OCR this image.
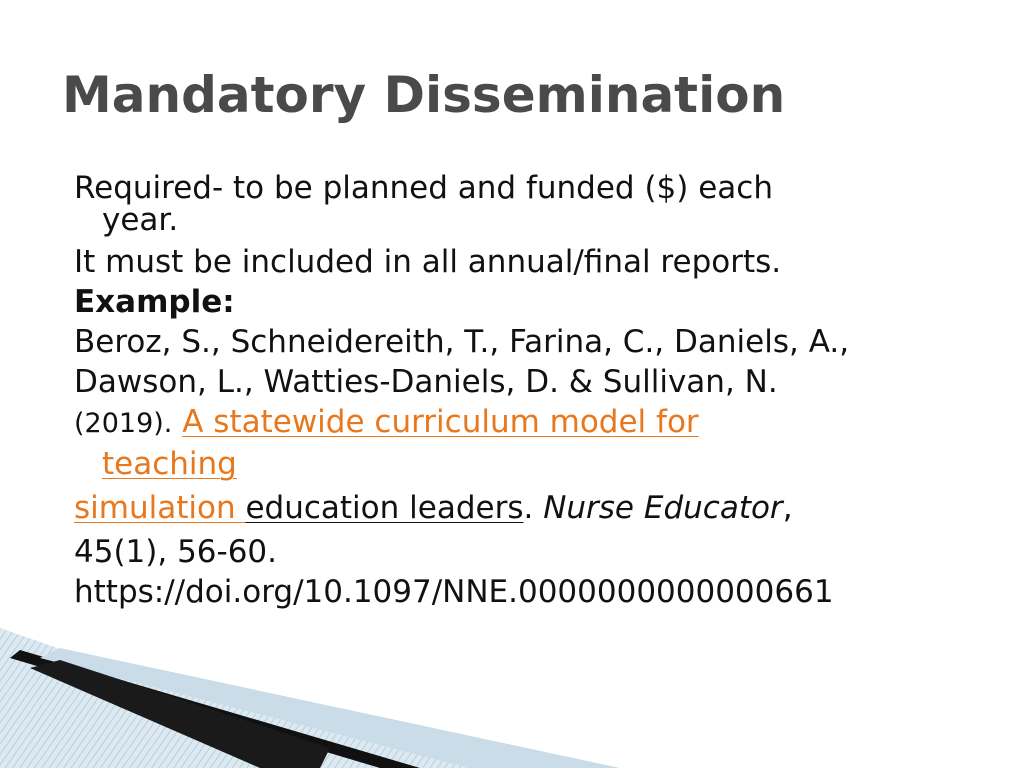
Mandatory Dissemination
Required- to be planned and funded ($) each
year.
It must be included in all annual/final reports.
Example:
Beroz, S., Schneidereith, T., Farina, C., Daniels, A.,
Dawson, L., Watties-Daniels, D. & Sullivan, N.
(2019). A statewide curriculum model for
teaching
simulation education leaders. Nurse Educator,
45(1), 56-60.
https://doi.org/10.1097/NNE.0000000000000661
